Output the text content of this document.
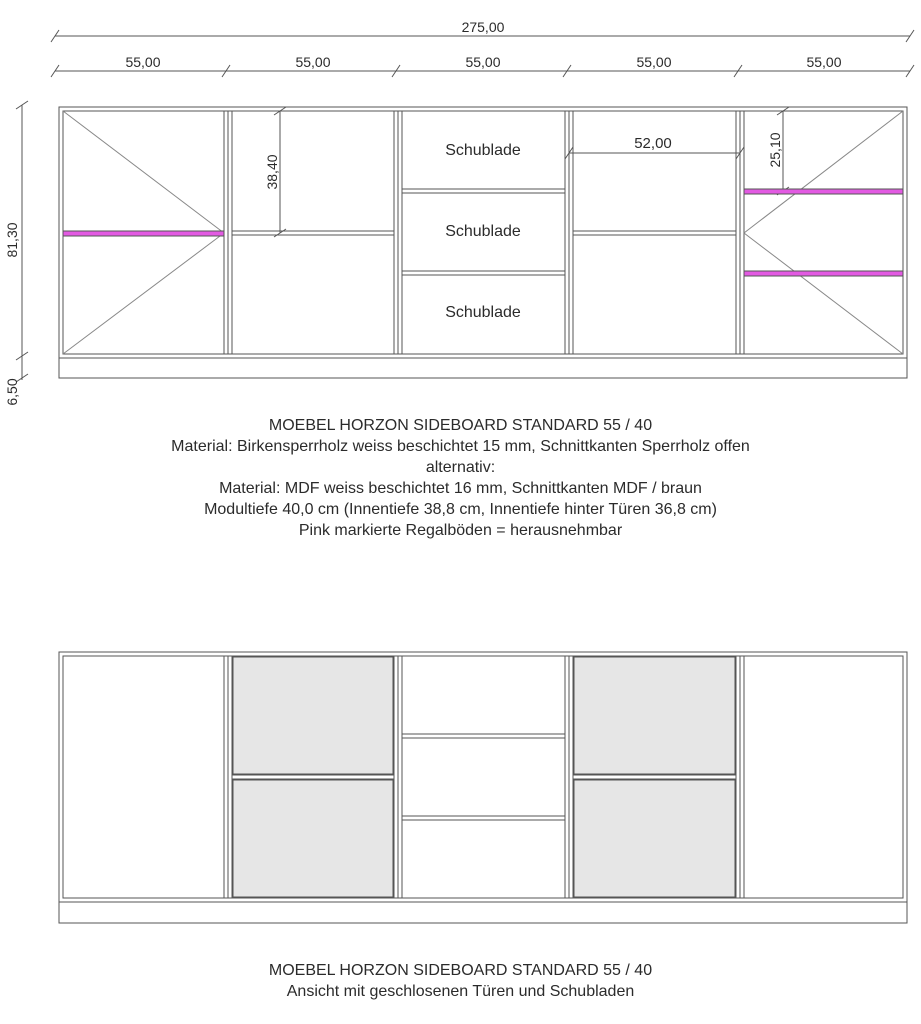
275,00
55,00	55,00	55,00	55,00	55,00
81,30
6,50
38,40
25,10
52,00
Schublade
Schublade
Schublade
MOEBEL HORZON SIDEBOARD STANDARD 55 / 40
Material: Birkensperrholz weiss beschichtet 15 mm, Schnittkanten Sperrholz offen
alternativ:
Material: MDF weiss beschichtet 16 mm, Schnittkanten MDF / braun
Modultiefe 40,0 cm (Innentiefe 38,8 cm, Innentiefe hinter Türen 36,8 cm)
Pink markierte Regalböden = herausnehmbar
MOEBEL HORZON SIDEBOARD STANDARD 55 / 40
Ansicht mit geschlosenen Türen und Schubladen
